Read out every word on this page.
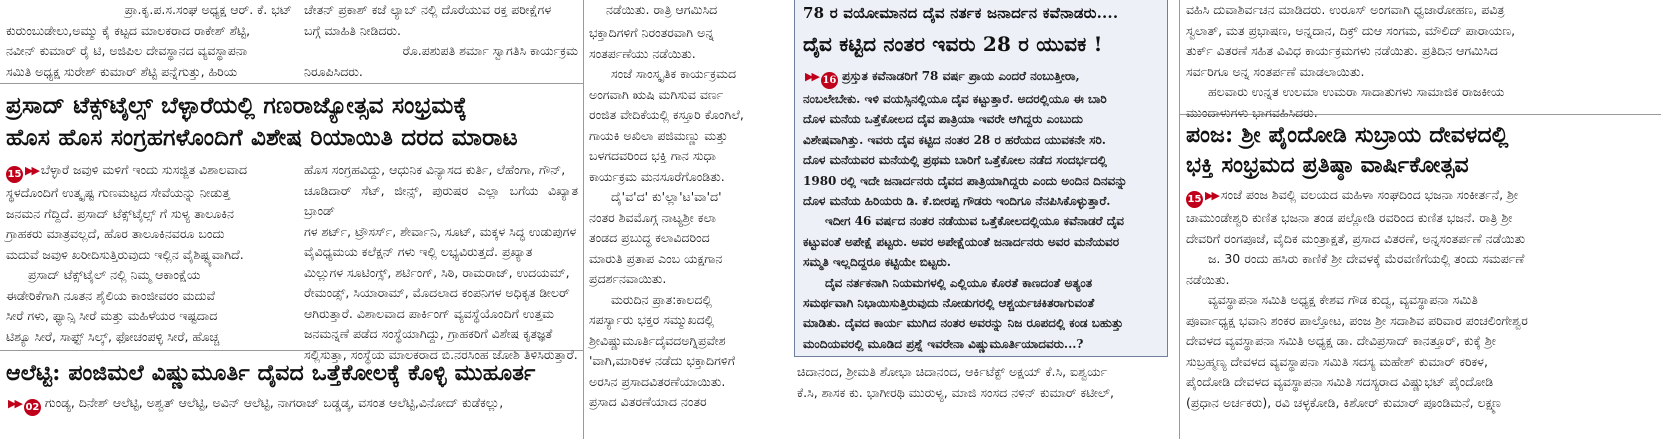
ಪ್ರಾ.ಕೃ.ಪ.ಸ.ಸಂಘ ಅಧ್ಯಕ್ಷ ಆರ್. ಕೆ. ಭಟ್

ಕುರುಂಬುಡೇಲು,ಅಮ್ಮು ಕೈ ಕಟ್ಟದ ಮಾಲಕರಾದ ರಾಕೇಶ್ ಶೆಟ್ಟಿ,

ನವೀನ್ ಕುಮಾರ್ ರೈ ಟಿ, ಅಜಿಪಿಲ ದೇವಸ್ಥಾನದ ವ್ಯವಸ್ಥಾಪನಾ

ಸಮಿತಿ ಅಧ್ಯಕ್ಷ ಸುರೇಶ್ ಕುಮಾರ್ ಶೆಟ್ಟಿ ಪನ್ನೆಗುತ್ತು, ಹಿರಿಯ

ಚೇತನ್ ಪ್ರಕಾಶ್ ಕಜೆ ಲ್ಯಾಬ್ ನಲ್ಲಿ ದೊರೆಯುವ ರಕ್ತ ಪರೀಕ್ಷೆಗಳ

ಬಗ್ಗೆ ಮಾಹಿತಿ ನೀಡಿದರು.

ರೊ.ಪಶುಪತಿ ಶರ್ಮಾ ಸ್ವಾಗತಿಸಿ ಕಾರ್ಯಕ್ರಮ

ನಿರೂಪಿಸಿದರು.

ಪ್ರಸಾದ್ ಟೆಕ್ಸ್‌ಟೈಲ್ಸ್ ಬೆಳ್ಳಾರೆಯಲ್ಲಿ ಗಣರಾಜ್ಯೋತ್ಸವ ಸಂಭ್ರಮಕ್ಕೆ

ಹೊಸ ಹೊಸ ಸಂಗ್ರಹಗಳೊಂದಿಗೆ ವಿಶೇಷ ರಿಯಾಯಿತಿ ದರದ ಮಾರಾಟ

15 ▶▶ ಬೆಳ್ಳಾರೆ ಜವುಳಿ ಮಳಿಗೆ ಇಂದು ಸುಸಜ್ಜಿತ ವಿಶಾಲವಾದ

ಸ್ಥಳದೊಂದಿಗೆ ಉತ್ಕೃಷ್ಟ ಗುಣಮಟ್ಟದ ಸೇವೆಯನ್ನು ನೀಡುತ್ತ

ಜನಮನ ಗೆದ್ದಿದೆ. ಪ್ರಸಾದ್ ಟೆಕ್ಸ್‌ಟೈಲ್ಸ್ ಗೆ ಸುಳ್ಯ ತಾಲೂಕಿನ

ಗ್ರಾಹಕರು ಮಾತ್ರವಲ್ಲದೆ, ಹೊರ ತಾಲೂಕಿನವರೂ ಬಂದು

ಮದುವೆ ಜವುಳಿ ಖರೀದಿಸುತ್ತಿರುವುದು ಇಲ್ಲಿನ ವೈಶಿಷ್ಟ್ಯವಾಗಿದೆ.

ಪ್ರಸಾದ್ ಟೆಕ್ಸ್‌ಟೈಲ್ ನಲ್ಲಿ ನಿಮ್ಮ ಆಕಾಂಕ್ಷೆಯ

ಈಡೇರಿಕೆಗಾಗಿ ನೂತನ ಶೈಲಿಯ ಕಾಂಜೀವರಂ ಮದುವೆ

ಸೀರೆ ಗಳು, ಫ್ಯಾನ್ಸಿ ಸೀರೆ ಮತ್ತು ಮಹಿಳೆಯರ ಇಷ್ಟದಾದ

ಟಿಶ್ಯೂ ಸೀರೆ, ಸಾಫ್ಟ್ ಸಿಲ್ಕ್, ಫೋಚಂಪಳ್ಳಿ ಸೀರೆ, ಹೊಚ್ಚ

ಹೊಸ ಸಂಗ್ರಹವಿದ್ದು, ಆಧುನಿಕ ವಿನ್ಯಾಸದ ಕುರ್ತಿ, ಲೆಹೆಂಗಾ, ಗೌನ್,

ಚೂಡಿದಾರ್ ಸೆಟ್, ಜೀನ್ಸ್, ಪುರುಷರ ಎಲ್ಲಾ ಬಗೆಯ ವಿಖ್ಯಾತ ಬ್ರಾಂಡ್

ಗಳ ಶರ್ಟ್, ಟ್ರೌಸರ್ಸ್, ಶೇರ್ವಾನಿ, ಸೂಟ್, ಮಕ್ಕಳ ಸಿದ್ಧ ಉಡುಪುಗಳ

ವೈವಿಧ್ಯಮಯ ಕಲೆಕ್ಷನ್ ಗಳು ಇಲ್ಲಿ ಲಭ್ಯವಿರುತ್ತದೆ. ಪ್ರಖ್ಯಾತ

ಮಿಲ್ಲುಗಳ ಸೂಟಿಂಗ್ಸ್, ಶರ್ಟಿಂಗ್, ಸಿಠಿ, ರಾಮರಾಜ್, ಉದಯಮ್,

ರೇಮಂಡ್ಸ್, ಸಿಯಾರಾಮ್, ಮೊದಲಾದ ಕಂಪನಿಗಳ ಅಧಿಕೃತ ಡೀಲರ್

ಆಗಿರುತ್ತಾರೆ. ವಿಶಾಲವಾದ ಪಾರ್ಕಿಂಗ್ ವ್ಯವಸ್ಥೆಯೊಂದಿಗೆ ಉತ್ತಮ

ಜನಮನ್ನಣೆ ಪಡೆದ ಸಂಸ್ಥೆಯಾಗಿದ್ದು, ಗ್ರಾಹಕರಿಗೆ ವಿಶೇಷ ಕೃತಜ್ಞತೆ

ಸಲ್ಲಿಸುತ್ತಾ, ಸಂಸ್ಥೆಯ ಮಾಲಕರಾದ ಬಿ.ನರಸಿಂಹ ಜೋಶಿ ತಿಳಿಸಿರುತ್ತಾರೆ.

ಆಲೆಟ್ಟಿ: ಪಂಜಿಮಲೆ ವಿಷ್ಣುಮೂರ್ತಿ ದೈವದ ಒತ್ತೆಕೋಲಕ್ಕೆ ಕೊಳ್ಳಿ ಮುಹೂರ್ತ

▶▶ 02 ಗುಂಡ್ಯ, ದಿನೇಶ್ ಆಲೆಟ್ಟಿ, ಅಶ್ವತ್ ಆಲೆಟ್ಟಿ, ಅವಿನ್ ಆಲೆಟ್ಟಿ, ನಾಗರಾಜ್ ಬಡ್ಡಡ್ಕ, ವಸಂತ ಆಲೆಟ್ಟಿ,ವಿನೋದ್ ಕುಡೆಕಲ್ಲು,

ನಡೆಯಿತು. ರಾತ್ರಿ ಆಗಮಿಸಿದ

ಭಕ್ತಾದಿಗಳಿಗೆ ನಿರಂತರವಾಗಿ ಅನ್ನ

ಸಂತರ್ಪಣೆಯು ನಡೆಯಿತು.

ಸಂಜೆ ಸಾಂಸ್ಕೃತಿಕ ಕಾರ್ಯಕ್ರಮದ

ಅಂಗವಾಗಿ ಋಷಿ ಮಗಿಸುವ ವರ್ಣ

ರಂಜಿತ ವೇದಿಕೆಯಲ್ಲಿ ಕಸ್ತೂರಿ ಕೊಂಗಿಲೆ,

ಗಾಯಕಿ ಅಖಿಲಾ ಪಜಿಮಣ್ಣು ಮತ್ತು

ಬಳಗದವರಿಂದ ಭಕ್ತಿ ಗಾನ ಸುಧಾ

ಕಾರ್ಯಕ್ರಮ ಮನಸೂರೆಗೊಂಡಿತು.

ದೈ'ವ'ದ' ಕು'ಲ್ಲಾ'ಟ'ವಾ'ದ'

ನಂತರ ಶಿವಮೊಗ್ಗ ನಾಟ್ಯಶ್ರೀ ಕಲಾ

ತಂಡದ ಪ್ರಬುದ್ಧ ಕಲಾವಿದರಿಂದ

ಮಾರುತಿ ಪ್ರತಾಪ ಎಂಬ ಯಕ್ಷಗಾನ

ಪ್ರದರ್ಶನವಾಯಿತು.

ಮರುದಿನ ಪ್ರಾತ:ಕಾಲದಲ್ಲಿ

ಸಪರ್ಸ್ಯಾರು ಭಕ್ತರ ಸಮ್ಮುಖದಲ್ಲಿ

ಶ್ರೀವಿಷ್ಣುಮೂರ್ತಿದೈವದಅಗ್ನಿಪ್ರವೇಶ

'ವಾಗಿ,ಮಾರಿಕಳ ನಡೆದು ಭಕ್ತಾದಿಗಳಿಗೆ

ಅರಸಿನ ಪ್ರಸಾದವಿತರಣೆಯಾಯಿತು.

ಪ್ರಸಾದ ವಿತರಣೆಯಾದ ನಂತರ

78 ರ ವಯೋಮಾನದ ದೈವ ನರ್ತಕ ಜನಾರ್ದನ ಕವೆನಾಡರು....

ದೈವ ಕಟ್ಟಿದ ನಂತರ ಇವರು 28 ರ ಯುವಕ !

▶▶ 16 ಪ್ರಸ್ತುತ ಕವೆನಾಡರಿಗೆ 78 ವರ್ಷ ಪ್ರಾಯ ಎಂದರೆ ನಂಬುತ್ತೀರಾ,

ನಂಬಲೇಬೇಕು. ಇಳಿ ವಯಸ್ಸಿನಲ್ಲಿಯೂ ದೈವ ಕಟ್ಟುತ್ತಾರೆ. ಅದರಲ್ಲಿಯೂ ಈ ಬಾರಿ

ದೊಳ ಮನೆಯ ಒತ್ತೆಕೋಲದ ದೈವ ಪಾತ್ರಿಯಾ ಇವರೇ ಆಗಿದ್ದರು ಎಂಬುದು

ವಿಶೇಷವಾಗಿತ್ತು. ಇವರು ದೈವ ಕಟ್ಟಿದ ನಂತರ 28 ರ ಹರೆಯದ ಯುವಕನೇ ಸರಿ.

ದೊಳ ಮನೆಯವರ ಮನೆಯಲ್ಲಿ ಪ್ರಥಮ ಬಾರಿಗೆ ಒತ್ತೆಕೋಲ ನಡೆದ ಸಂದರ್ಭದಲ್ಲಿ

1980 ರಲ್ಲಿ ಇದೇ ಜನಾರ್ದನರು ದೈವದ ಪಾತ್ರಿಯಾಗಿದ್ದರು ಎಂದು ಅಂದಿನ ದಿನವನ್ನು

ದೊಳ ಮನೆಯ ಹಿರಿಯರು ಡಿ. ಕೆ.ಬೀರಪ್ಪ ಗೌಡರು ಇಂದಿಗೂ ನೆನಪಿಸಿಕೊಳ್ಳುತ್ತಾರೆ.

ಇದೀಗ 46 ವರ್ಷದ ನಂತರ ನಡೆಯುವ ಒತ್ತೆಕೋಲದಲ್ಲಿಯೂ ಕವೆನಾಡರೆ ದೈವ

ಕಟ್ಟುವಂತೆ ಅಪೇಕ್ಷೆ ಪಟ್ಟರು. ಅವರ ಅಪೇಕ್ಷೆಯಂತೆ ಜನಾರ್ದನರು ಅವರ ಮನೆಯವರ

ಸಮ್ಮತಿ ಇಲ್ಲದಿದ್ದರೂ ಕಟ್ಟಿಯೇ ಬಿಟ್ಟರು.

ದೈವ ನರ್ತಕನಾಗಿ ನಿಯಮಗಳಲ್ಲಿ ಎಲ್ಲಿಯೂ ಕೊರತೆ ಕಾಣದಂತೆ ಅತ್ಯಂತ

ಸಮರ್ಥವಾಗಿ ನಿಭಾಯಿಸುತ್ತಿರುವುದು ನೋಡುಗರಲ್ಲಿ ಆಶ್ಚರ್ಯಚಕಿತರಾಗುವಂತೆ

ಮಾಡಿತು. ದೈವದ ಕಾರ್ಯ ಮುಗಿದ ನಂತರ ಅವರನ್ನು ನಿಜ ರೂಪದಲ್ಲಿ ಕಂಡ ಬಹುತ್ತು

ಮಂದಿಯವರಲ್ಲಿ ಮೂಡಿದ ಪ್ರಶ್ನೆ ಇವರೇನಾ ವಿಷ್ಣುಮೂರ್ತಿಯಾದವರು...?

ಚಿದಾನಂದ, ಶ್ರೀಮತಿ ಶೋಭಾ ಚಿದಾನಂದ, ಆರ್ಕಿಟೆಕ್ಟ್ ಅಕ್ಷಯ್ ಕೆ.ಸಿ, ಐಶ್ವರ್ಯ

ಕೆ.ಸಿ, ಶಾಸಕ ಕು. ಭಾಗೀರಥಿ ಮುರುಳ್ಯ, ಮಾಜಿ ಸಂಸದ ನಳಿನ್ ಕುಮಾರ್ ಕಟೀಲ್,

ವಹಿಸಿ ದುವಾಶಿರ್ವಚನ ಮಾಡಿದರು. ಉರೂಸ್ ಅಂಗವಾಗಿ ಧ್ವಜಾರೋಹಣ, ಪವಿತ್ರ

ಸ್ವಲಾತ್, ಮತ ಪ್ರಭಾಷಣ, ಅನ್ನದಾನ, ದಿಕ್ರ್ ದುಆ ಸಂಗಮ, ಮೌಲಿದ್ ಪಾರಾಯಣ,

ತುರ್ಕ್ ವಿತರಣೆ ಸಹಿತ ವಿವಿಧ ಕಾರ್ಯಕ್ರಮಗಳು ನಡೆಯಿತು. ಪ್ರತಿದಿನ ಆಗಮಿಸಿದ

ಸರ್ವರಿಗೂ ಅನ್ನ ಸಂತರ್ಪಣೆ ಮಾಡಲಾಯಿತು.

ಹಲವಾರು ಉನ್ನತ ಉಲಮಾ ಉಮರಾ ಸಾದಾತುಗಳು ಸಾಮಾಜಿಕ ರಾಜಕೀಯ

ಮುಂದಾಳುಗಳು ಭಾಗವಹಿಸಿದರು.

ಪಂಜ: ಶ್ರೀ ಪೈಂದೋಡಿ ಸುಬ್ರಾಯ ದೇವಳದಲ್ಲಿ

ಭಕ್ತಿ ಸಂಭ್ರಮದ ಪ್ರತಿಷ್ಠಾ ವಾರ್ಷಿಕೋತ್ಸವ

15 ▶▶ ಸಂಜೆ ಪಂಜ ಶಿವಲ್ಲಿ ವಲಯದ ಮಹಿಳಾ ಸಂಘದಿಂದ ಭಜನಾ ಸಂಕೀರ್ತನೆ, ಶ್ರೀ

ಚಾಮುಂಡೇಶ್ವರಿ ಕುಣಿತ ಭಜನಾ ತಂಡ ಪಲ್ಲೋಡಿ ರವರಿಂದ ಕುಣಿತ ಭಜನೆ. ರಾತ್ರಿ ಶ್ರೀ

ದೇವರಿಗೆ ರಂಗಪೂಜೆ, ವೈದಿಕ ಮಂತ್ರಾಕ್ಷತೆ, ಪ್ರಸಾದ ವಿತರಣೆ, ಅನ್ನಸಂತರ್ಪಣೆ ನಡೆಯಿತು

ಜ. 30 ರಂದು ಹಸಿರು ಕಾಣಿಕೆ ಶ್ರೀ ದೇವಳಕ್ಕೆ ಮೆರವಣಿಗೆಯಲ್ಲಿ ತಂದು ಸಮರ್ಪಣೆ

ನಡೆಯಿತು.

ವ್ಯವಸ್ಥಾಪನಾ ಸಮಿತಿ ಅಧ್ಯಕ್ಷ ಕೇಶವ ಗೌಡ ಕುದ್ವ, ವ್ಯವಸ್ಥಾಪನಾ ಸಮಿತಿ

ಪೂರ್ವಾಧ್ಯಕ್ಷ ಭವಾನಿ ಶಂಕರ ಪಾಲ್ತೋಟ, ಪಂಜ ಶ್ರೀ ಸದಾಶಿವ ಪರಿವಾರ ಪಂಚಲಿಂಗೇಶ್ವರ

ದೇವಳದ ವ್ಯವಸ್ಥಾಪನಾ ಸಮಿತಿ ಅಧ್ಯಕ್ಷ ಡಾ. ದೇವಿಪ್ರಸಾದ್ ಕಾನತ್ತೂರ್, ಕುಕ್ಕೆ ಶ್ರೀ

ಸುಬ್ರಹ್ಮಣ್ಯ ದೇವಳದ ವ್ಯವಸ್ಥಾಪನಾ ಸಮಿತಿ ಸದಸ್ಯ ಮಹೇಶ್ ಕುಮಾರ್ ಕರಿಕಳ,

ಪೈಂದೋಡಿ ದೇವಳದ ವ್ಯವಸ್ಥಾಪನಾ ಸಮಿತಿ ಸದಸ್ಯರಾದ ವಿಷ್ಣುಭಟ್ ಪೈಂದೋಡಿ

(ಪ್ರಧಾನ ಅರ್ಚಕರು), ರವಿ ಚಳ್ಳಕೋಡಿ, ಕಿಶೋರ್ ಕುಮಾರ್ ಪೂಂಡಿಮನೆ, ಲಕ್ಷ್ಮಣ
